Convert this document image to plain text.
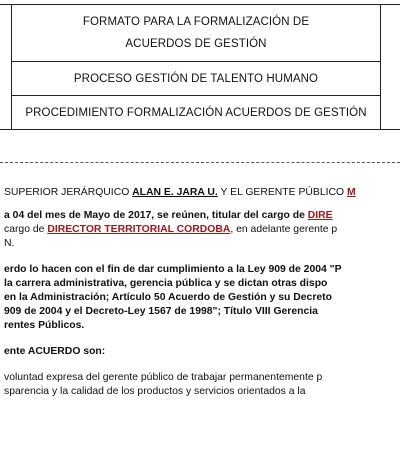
FORMATO PARA LA FORMALIZACIÓN DE
ACUERDOS DE GESTIÓN

PROCESO GESTIÓN DE TALENTO HUMANO
PROCEDIMIENTO FORMALIZACIÓN ACUERDOS DE GESTIÓN
SUPERIOR JERÁRQUICO ALAN E. JARA U. Y EL GERENTE PÚBLICO M
a 04 del mes de Mayo de 2017, se reúnen, titular del cargo de DIRE
cargo de DIRECTOR TERRITORIAL CORDOBA, en adelante gerente p
N.
erdo lo hacen con el fin de dar cumplimiento a la Ley 909 de 2004 "P
la carrera administrativa, gerencia pública y se dictan otras dispo
en la Administración; Artículo 50 Acuerdo de Gestión y su Decreto
909 de 2004 y el Decreto-Ley 1567 de 1998"; Título VIII Gerencia
rentes Públicos.
ente ACUERDO son:
voluntad expresa del gerente público de trabajar permanentemente p
sparencia y la calidad de los productos y servicios orientados a la
